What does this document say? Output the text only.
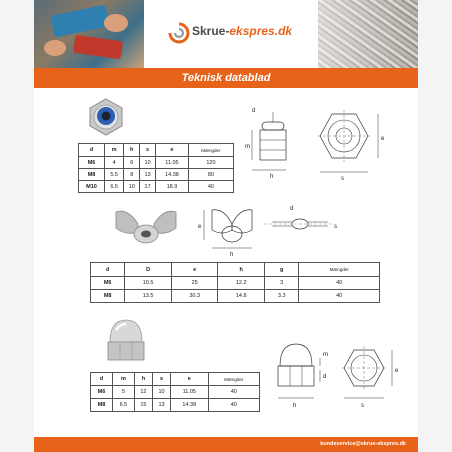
Skrue-ekspres.dk
Teknisk datablad
d	m	h	s	e	Mængder
M6	4	6	10	11.05	120
M8	5.5	8	13	14.38	80
M10	6.5	10	17	18.9	40
d
m
h
e
s
e
h
d
s
d	D	e	h	g	Mængder
M6	10.5	25	12.2	3	40
M8	13.5	30.3	14.8	3.3	40
d	m	h	s	e	Mængder
M6	5	12	10	11.05	40
M8	6.5	15	13	14.38	40
m
d
h
e
s
kundeservice@skrue-ekspres.dk
